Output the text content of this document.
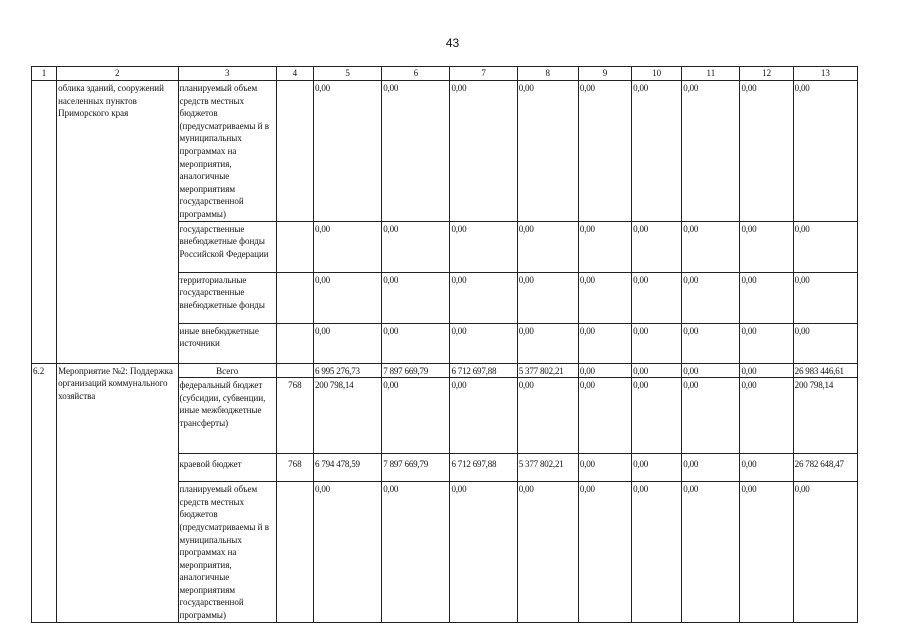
43
1	2	3	4	5	6	7	8	9	10	11	12	13
	облика зданий, сооружений населенных пунктов Приморского края	планируемый объем средств местных бюджетов (предусматриваемы й в муниципальных программах на мероприятия, аналогичные мероприятиям государственной программы)		0,00	0,00	0,00	0,00	0,00	0,00	0,00	0,00	0,00
		государственные внебюджетные фонды Российской Федерации		0,00	0,00	0,00	0,00	0,00	0,00	0,00	0,00	0,00
		территориальные государственные внебюджетные фонды		0,00	0,00	0,00	0,00	0,00	0,00	0,00	0,00	0,00
		иные внебюджетные источники		0,00	0,00	0,00	0,00	0,00	0,00	0,00	0,00	0,00
6.2	Мероприятие №2: Поддержка организаций коммунального хозяйства	Всего		6 995 276,73	7 897 669,79	6 712 697,88	5 377 802,21	0,00	0,00	0,00	0,00	26 983 446,61
		федеральный бюджет (субсидии, субвенции, иные межбюджетные трансферты)	768	200 798,14	0,00	0,00	0,00	0,00	0,00	0,00	0,00	200 798,14
		краевой бюджет	768	6 794 478,59	7 897 669,79	6 712 697,88	5 377 802,21	0,00	0,00	0,00	0,00	26 782 648,47
		планируемый объем средств местных бюджетов (предусматриваемы й в муниципальных программах на мероприятия, аналогичные мероприятиям государственной программы)		0,00	0,00	0,00	0,00	0,00	0,00	0,00	0,00	0,00
